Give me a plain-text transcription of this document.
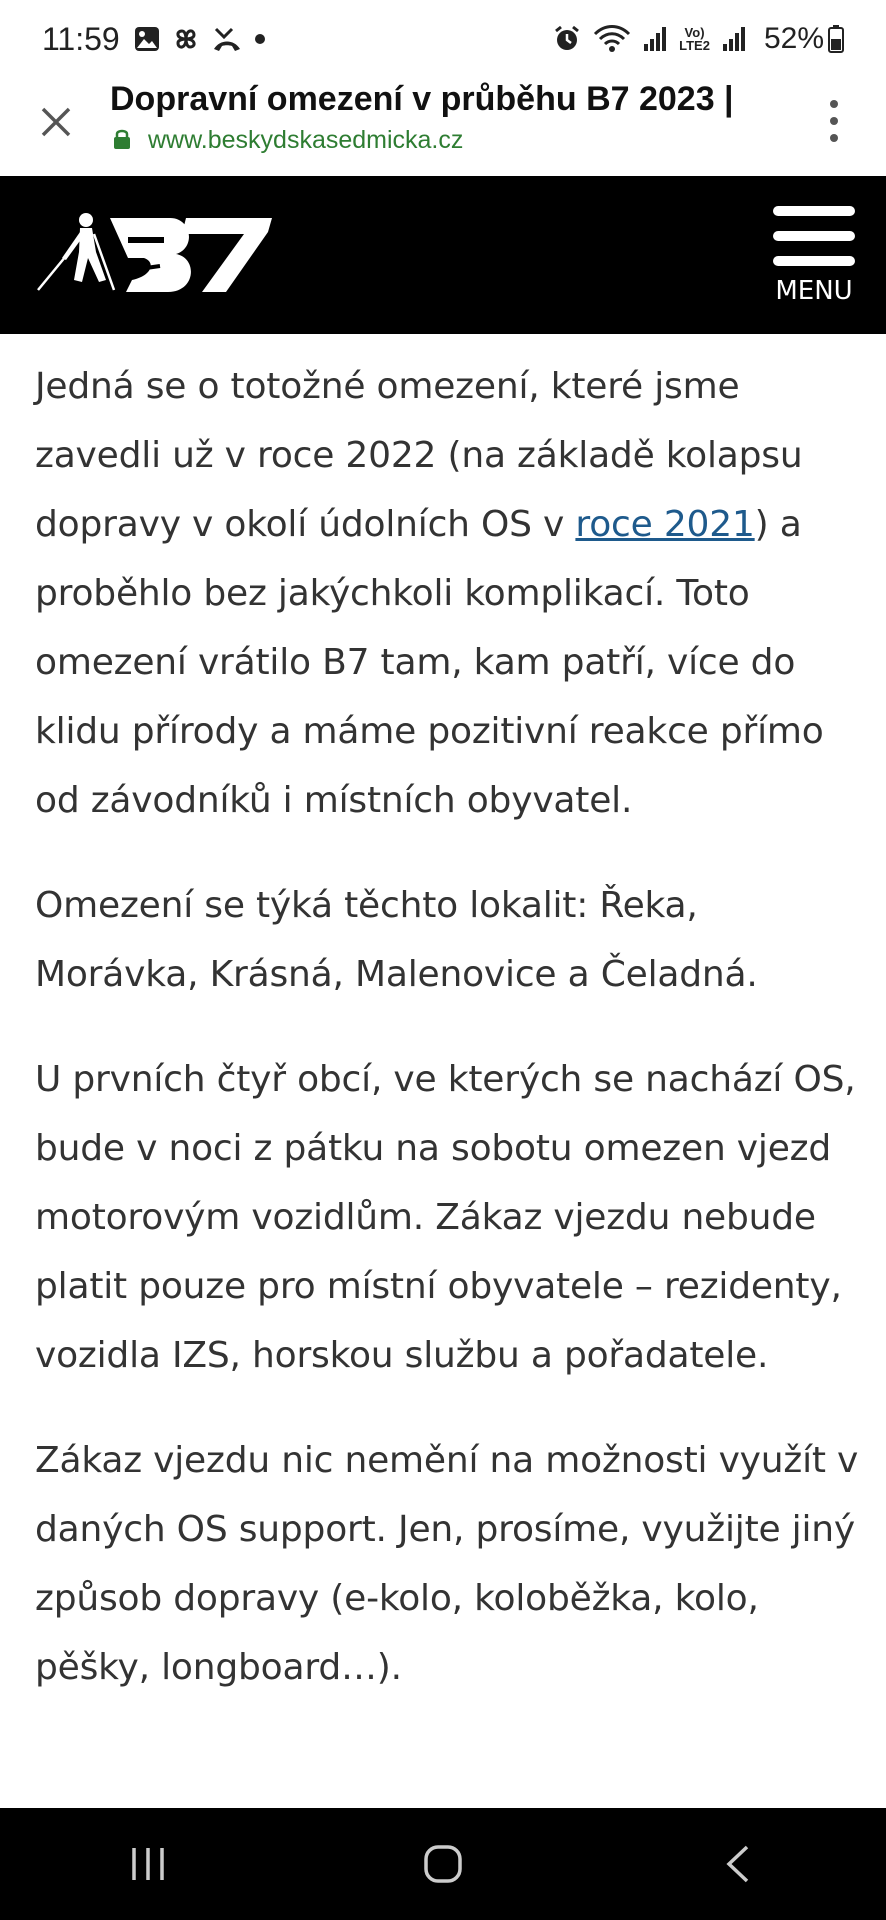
11:59	Vo)
LTE2 52%
Dopravní omezení v průběhu B7 2023 |
www.beskydskasedmicka.cz
MENU

Jedná se o totožné omezení, které jsme zavedli už v roce 2022 (na základě kolapsu dopravy v okolí údolních OS v roce 2021) a proběhlo bez jakýchkoli komplikací. Toto omezení vrátilo B7 tam, kam patří, více do klidu přírody a máme pozitivní reakce přímo od závodníků i místních obyvatel.

Omezení se týká těchto lokalit: Řeka, Morávka, Krásná, Malenovice a Čeladná.

U prvních čtyř obcí, ve kterých se nachází OS, bude v noci z pátku na sobotu omezen vjezd motorovým vozidlům. Zákaz vjezdu nebude platit pouze pro místní obyvatele – rezidenty, vozidla IZS, horskou službu a pořadatele.

Zákaz vjezdu nic nemění na možnosti využít v daných OS support. Jen, prosíme, využijte jiný způsob dopravy (e-kolo, koloběžka, kolo, pěšky, longboard…).
